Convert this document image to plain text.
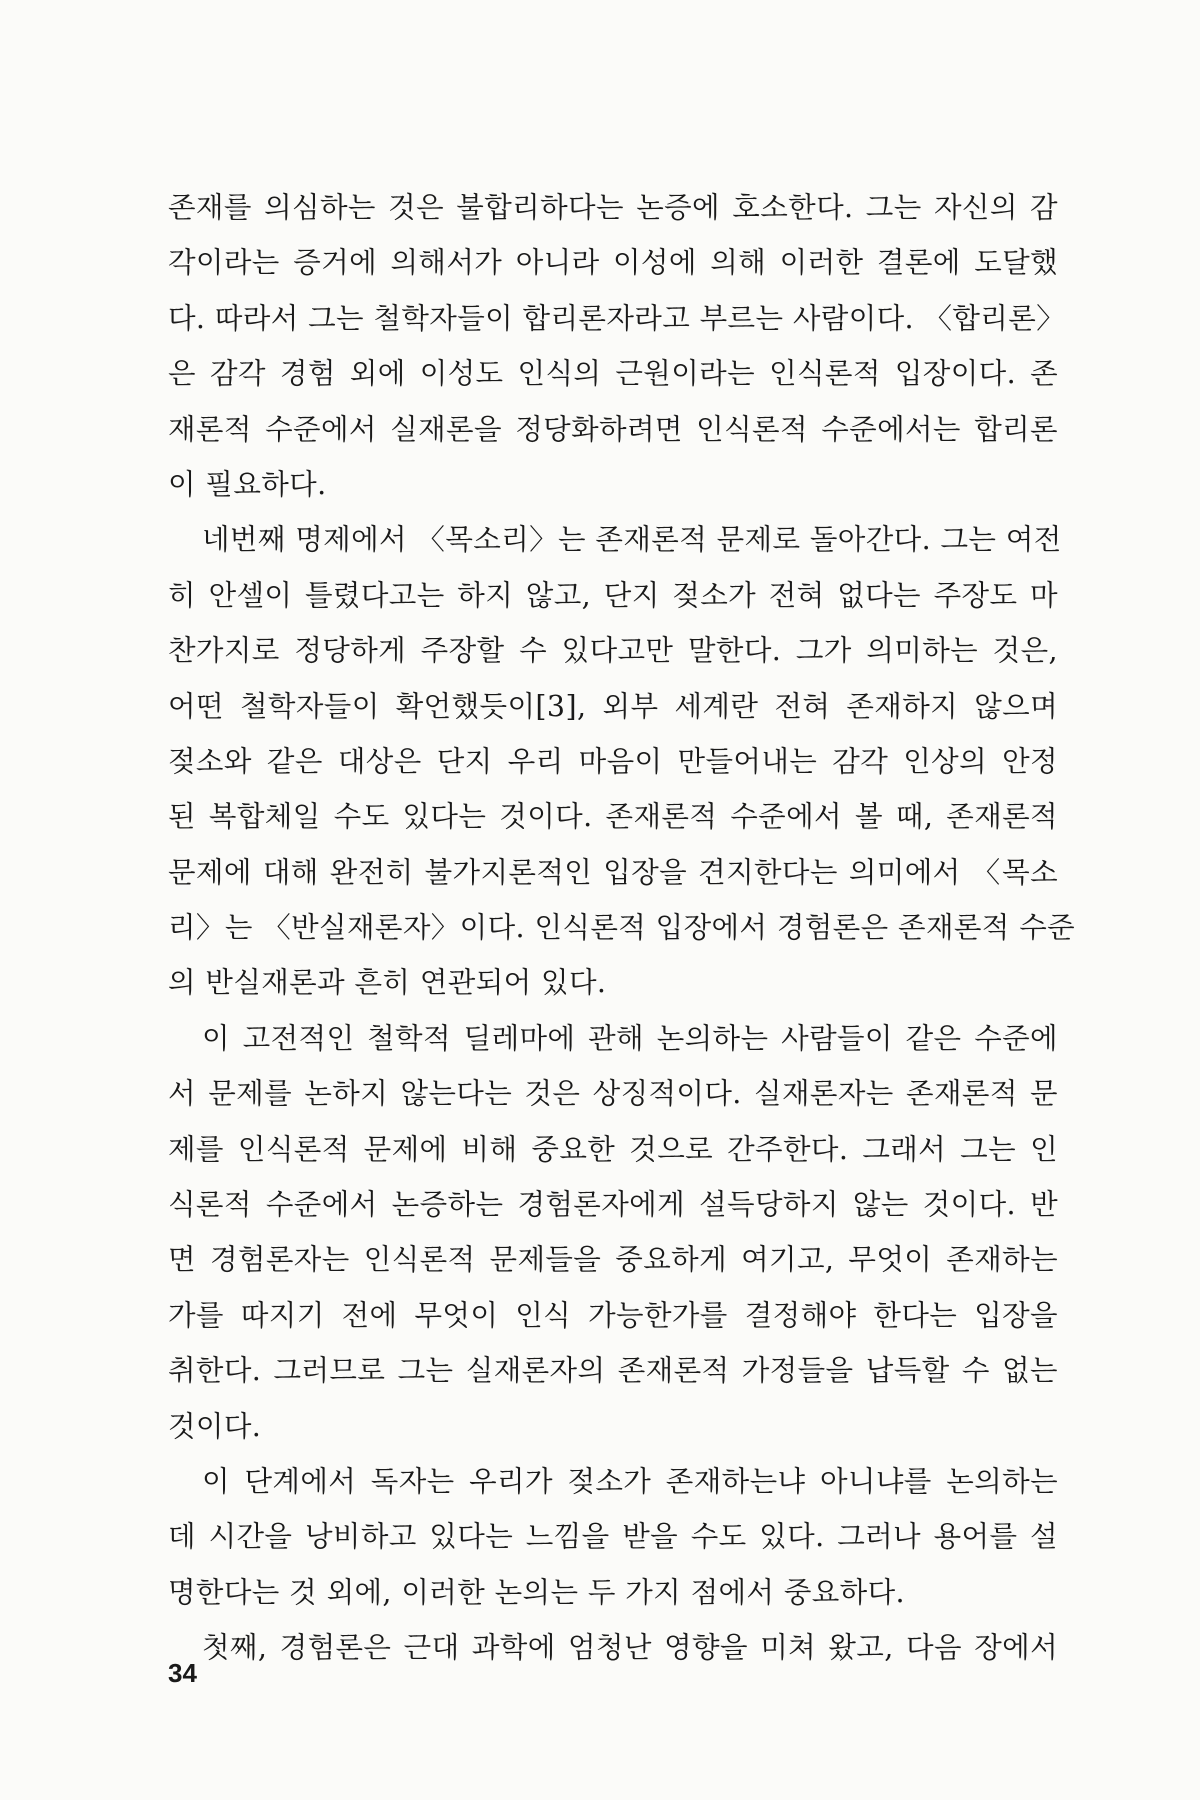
존재를 의심하는 것은 불합리하다는 논증에 호소한다. 그는 자신의 감
각이라는 증거에 의해서가 아니라 이성에 의해 이러한 결론에 도달했
다. 따라서 그는 철학자들이 합리론자라고 부르는 사람이다. 〈합리론〉
은 감각 경험 외에 이성도 인식의 근원이라는 인식론적 입장이다. 존
재론적 수준에서 실재론을 정당화하려면 인식론적 수준에서는 합리론
이 필요하다.
네번째 명제에서 〈목소리〉는 존재론적 문제로 돌아간다. 그는 여전
히 안셀이 틀렸다고는 하지 않고, 단지 젖소가 전혀 없다는 주장도 마
찬가지로 정당하게 주장할 수 있다고만 말한다. 그가 의미하는 것은,
어떤 철학자들이 확언했듯이[3], 외부 세계란 전혀 존재하지 않으며
젖소와 같은 대상은 단지 우리 마음이 만들어내는 감각 인상의 안정
된 복합체일 수도 있다는 것이다. 존재론적 수준에서 볼 때, 존재론적
문제에 대해 완전히 불가지론적인 입장을 견지한다는 의미에서 〈목소
리〉는 〈반실재론자〉이다. 인식론적 입장에서 경험론은 존재론적 수준
의 반실재론과 흔히 연관되어 있다.
이 고전적인 철학적 딜레마에 관해 논의하는 사람들이 같은 수준에
서 문제를 논하지 않는다는 것은 상징적이다. 실재론자는 존재론적 문
제를 인식론적 문제에 비해 중요한 것으로 간주한다. 그래서 그는 인
식론적 수준에서 논증하는 경험론자에게 설득당하지 않는 것이다. 반
면 경험론자는 인식론적 문제들을 중요하게 여기고, 무엇이 존재하는
가를 따지기 전에 무엇이 인식 가능한가를 결정해야 한다는 입장을
취한다. 그러므로 그는 실재론자의 존재론적 가정들을 납득할 수 없는
것이다.
이 단계에서 독자는 우리가 젖소가 존재하는냐 아니냐를 논의하는
데 시간을 낭비하고 있다는 느낌을 받을 수도 있다. 그러나 용어를 설
명한다는 것 외에, 이러한 논의는 두 가지 점에서 중요하다.
첫째, 경험론은 근대 과학에 엄청난 영향을 미쳐 왔고, 다음 장에서
34
